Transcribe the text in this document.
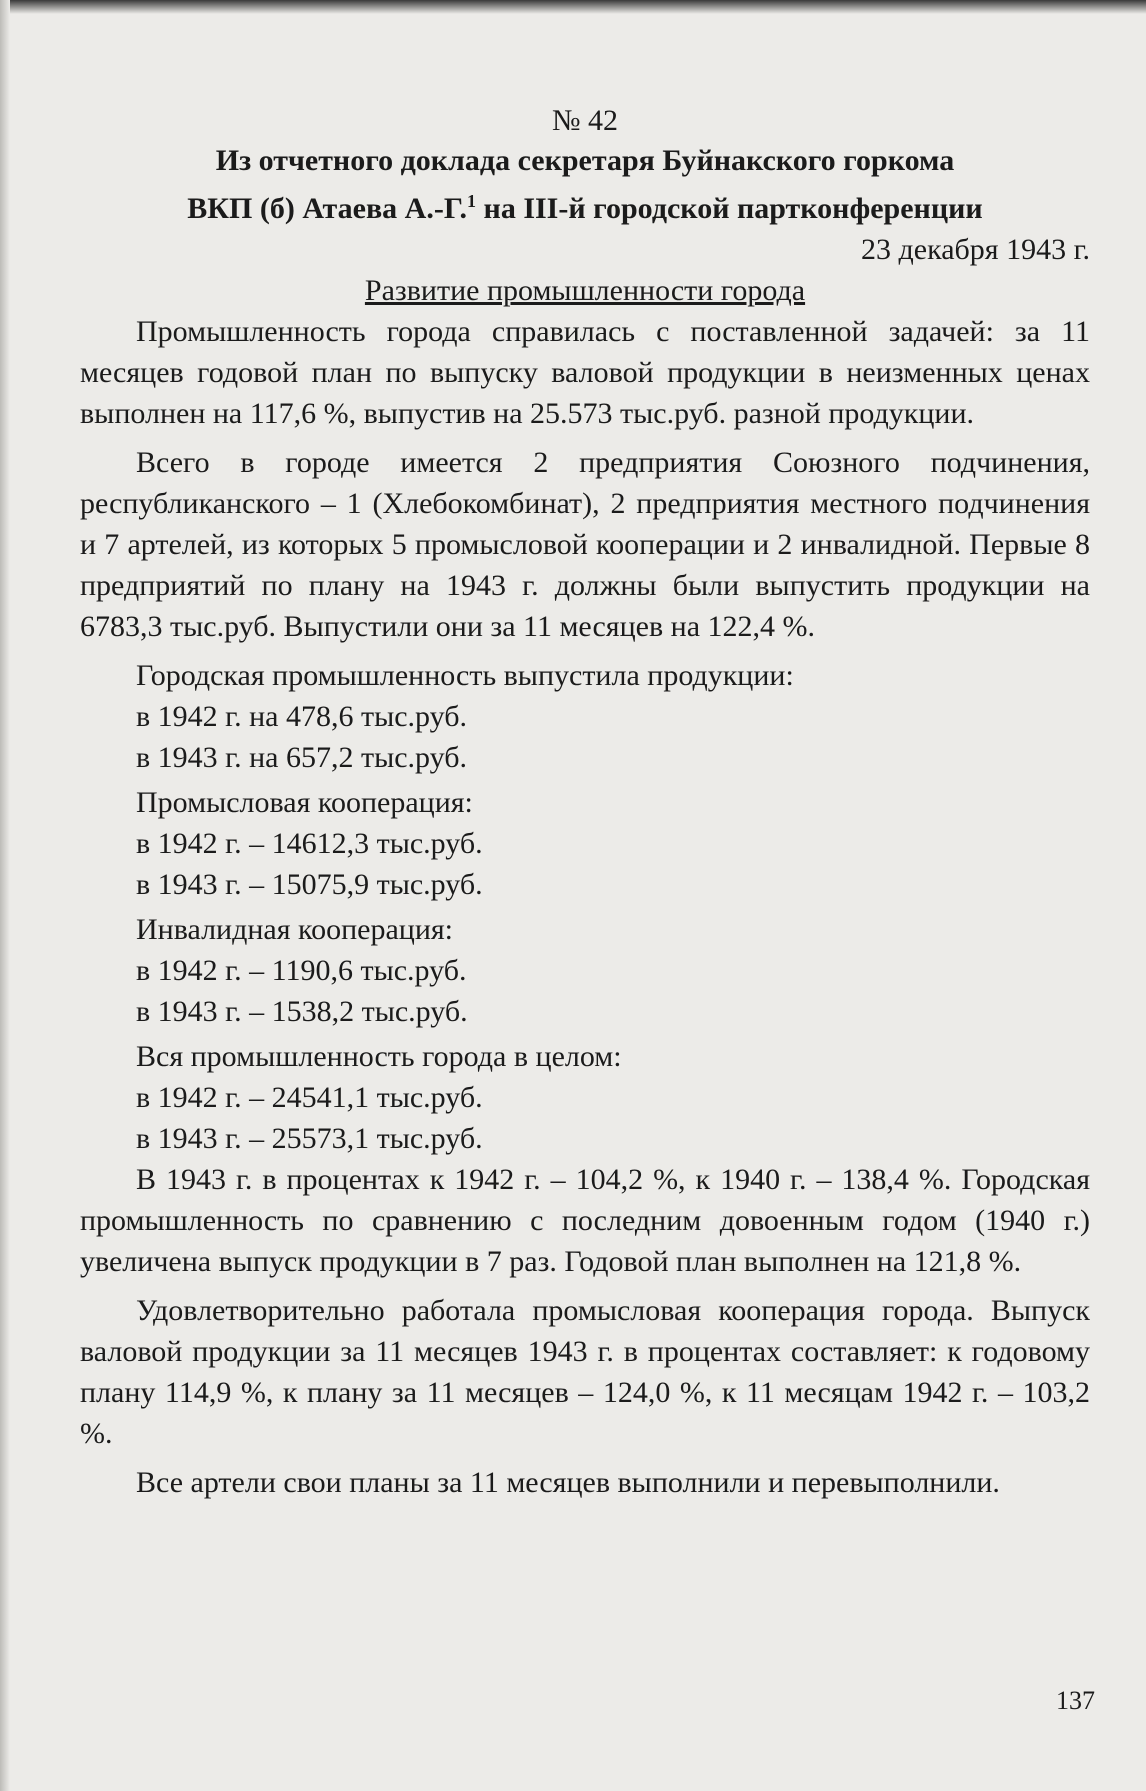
№ 42

Из отчетного доклада секретаря Буйнакского горкома

ВКП (б) Атаева А.-Г.$^1$ на III-й городской партконференции

23 декабря 1943 г.

Развитие промышленности города

Промышленность города справилась с поставленной задачей: за 11 месяцев годовой план по выпуску валовой продукции в неизменных ценах выполнен на 117,6 %, выпустив на 25.573 тыс.руб. разной продукции.

Всего в городе имеется 2 предприятия Союзного подчинения, республиканского – 1 (Хлебокомбинат), 2 предприятия местного подчинения и 7 артелей, из которых 5 промысловой кооперации и 2 инвалидной. Первые 8 предприятий по плану на 1943 г. должны были выпустить продукции на 6783,3 тыс.руб. Выпустили они за 11 месяцев на 122,4 %.

Городская промышленность выпустила продукции:

в 1942 г. на 478,6 тыс.руб.

в 1943 г. на 657,2 тыс.руб.

Промысловая кооперация:

в 1942 г. – 14612,3 тыс.руб.

в 1943 г. – 15075,9 тыс.руб.

Инвалидная кооперация:

в 1942 г. – 1190,6 тыс.руб.

в 1943 г. – 1538,2 тыс.руб.

Вся промышленность города в целом:

в 1942 г. – 24541,1 тыс.руб.

в 1943 г. – 25573,1 тыс.руб.

В 1943 г. в процентах к 1942 г. – 104,2 %, к 1940 г. – 138,4 %. Городская промышленность по сравнению с последним довоенным годом (1940 г.) увеличена выпуск продукции в 7 раз. Годовой план выполнен на 121,8 %.

Удовлетворительно работала промысловая кооперация города. Выпуск валовой продукции за 11 месяцев 1943 г. в процентах составляет: к годовому плану 114,9 %, к плану за 11 месяцев – 124,0 %, к 11 месяцам 1942 г. – 103,2 %.

Все артели свои планы за 11 месяцев выполнили и перевыполнили.

137
